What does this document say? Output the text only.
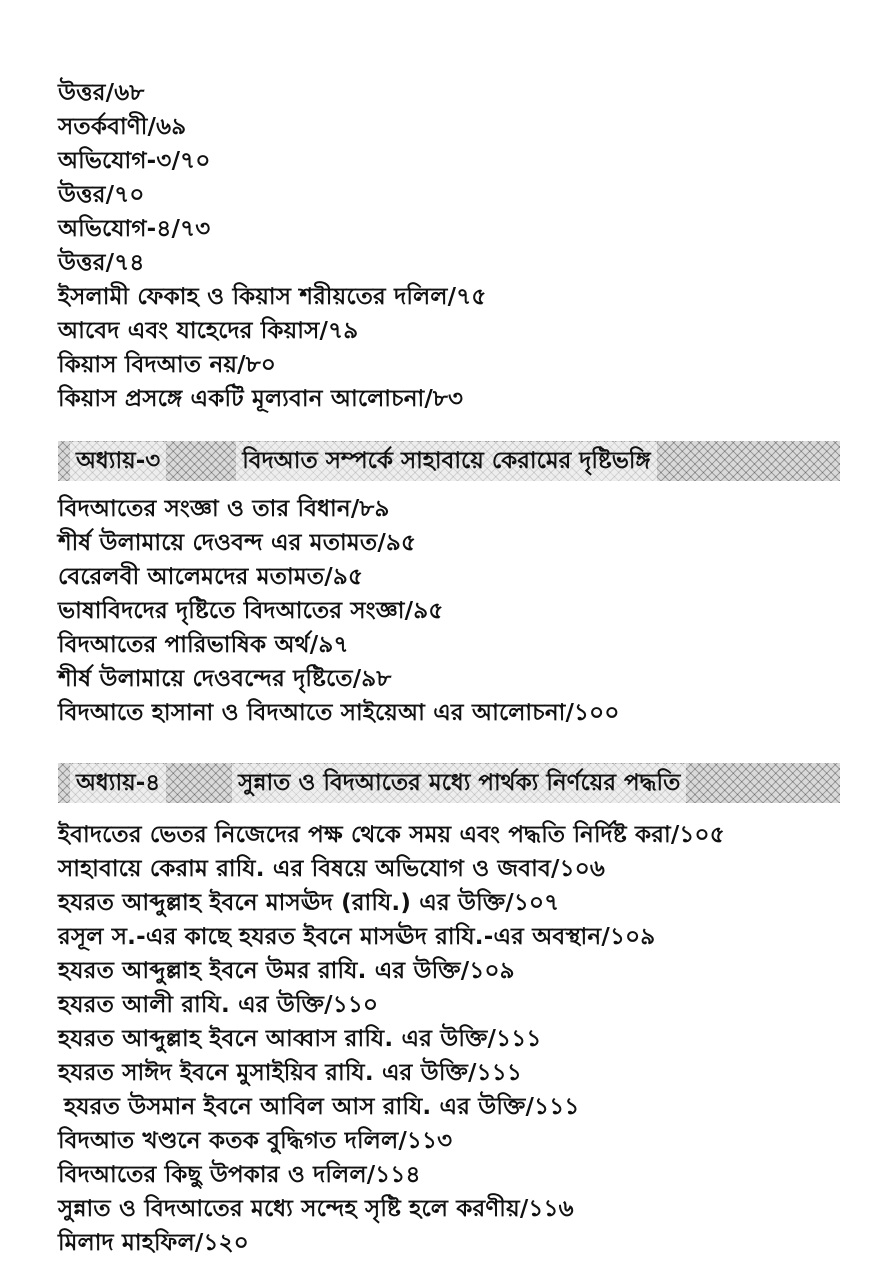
উত্তর/৬৮
সতর্কবাণী/৬৯
অভিযোগ-৩/৭০
উত্তর/৭০
অভিযোগ-৪/৭৩
উত্তর/৭৪
ইসলামী ফেকাহ ও কিয়াস শরীয়তের দলিল/৭৫
আবেদ এবং যাহেদের কিয়াস/৭৯
কিয়াস বিদআত নয়/৮০
কিয়াস প্রসঙ্গে একটি মূল্যবান আলোচনা/৮৩
অধ্যায়-৩	বিদআত সম্পর্কে সাহাবায়ে কেরামের দৃষ্টিভঙ্গি
বিদআতের সংজ্ঞা ও তার বিধান/৮৯
শীর্ষ উলামায়ে দেওবন্দ এর মতামত/৯৫
বেরেলবী আলেমদের মতামত/৯৫
ভাষাবিদদের দৃষ্টিতে বিদআতের সংজ্ঞা/৯৫
বিদআতের পারিভাষিক অর্থ/৯৭
শীর্ষ উলামায়ে দেওবন্দের দৃষ্টিতে/৯৮
বিদআতে হাসানা ও বিদআতে সাইয়েআ এর আলোচনা/১০০
অধ্যায়-৪	সুন্নাত ও বিদআতের মধ্যে পার্থক্য নির্ণয়ের পদ্ধতি
ইবাদতের ভেতর নিজেদের পক্ষ থেকে সময় এবং পদ্ধতি নির্দিষ্ট করা/১০৫
সাহাবায়ে কেরাম রাযি. এর বিষয়ে অভিযোগ ও জবাব/১০৬
হযরত আব্দুল্লাহ ইবনে মাসঊদ (রাযি.) এর উক্তি/১০৭
রসূল স.-এর কাছে হযরত ইবনে মাসঊদ রাযি.-এর অবস্থান/১০৯
হযরত আব্দুল্লাহ ইবনে উমর রাযি. এর উক্তি/১০৯
হযরত আলী রাযি. এর উক্তি/১১০
হযরত আব্দুল্লাহ ইবনে আব্বাস রাযি. এর উক্তি/১১১
হযরত সাঈদ ইবনে মুসাইয়িব রাযি. এর উক্তি/১১১
হযরত উসমান ইবনে আবিল আস রাযি. এর উক্তি/১১১
বিদআত খণ্ডনে কতক বুদ্ধিগত দলিল/১১৩
বিদআতের কিছু উপকার ও দলিল/১১৪
সুন্নাত ও বিদআতের মধ্যে সন্দেহ সৃষ্টি হলে করণীয়/১১৬
মিলাদ মাহফিল/১২০
